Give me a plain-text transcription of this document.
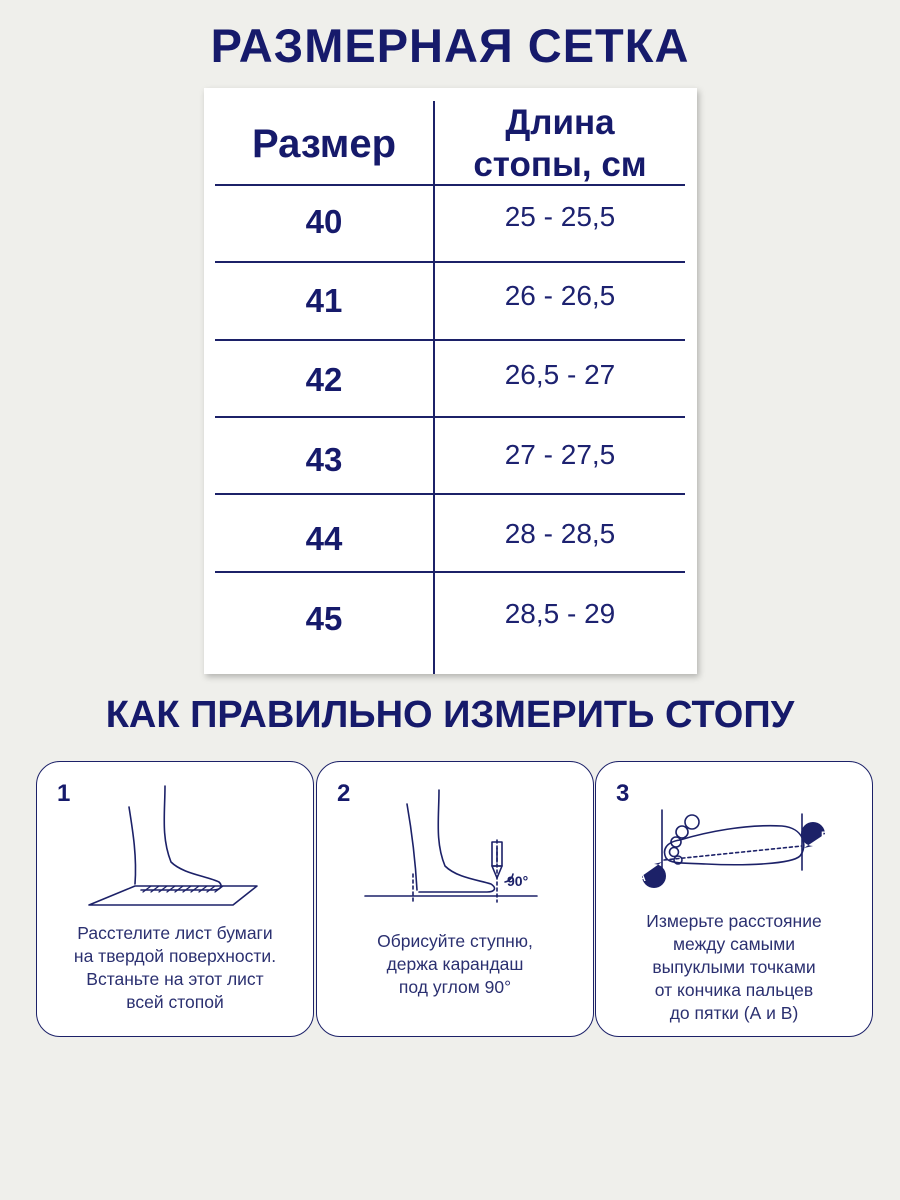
РАЗМЕРНАЯ СЕТКА
Размер	Длина
стопы, см
40	25 - 25,5
41	26 - 26,5
42	26,5 - 27
43	27 - 27,5
44	28 - 28,5
45	28,5 - 29
КАК ПРАВИЛЬНО ИЗМЕРИТЬ СТОПУ
1
Расстелите лист бумаги
на твердой поверхности.
Встаньте на этот лист
всей стопой
2
90°
Обрисуйте ступню,
держа карандаш
под углом 90°
3
A
B
Измерьте расстояние
между самыми
выпуклыми точками
от кончика пальцев
до пятки (А и В)
